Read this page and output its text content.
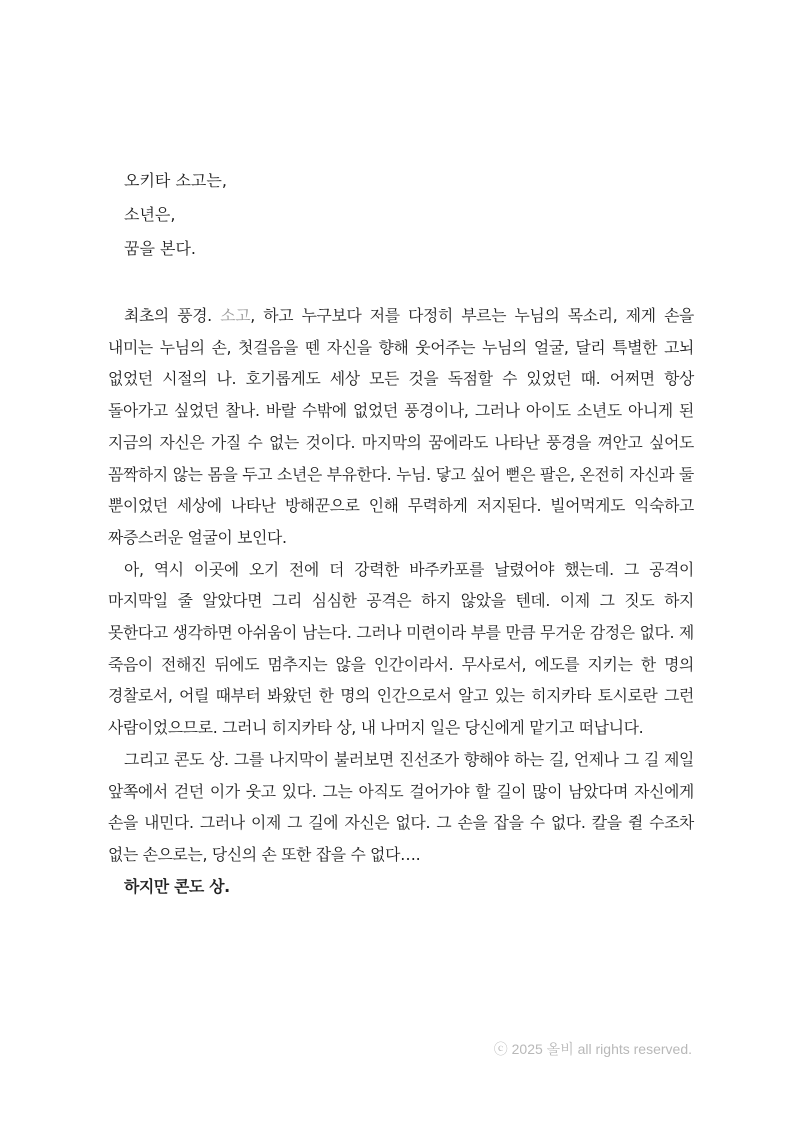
오키타 소고는,
소년은,
꿈을 본다.

최초의 풍경. 소고, 하고 누구보다 저를 다정히 부르는 누님의 목소리, 제게 손을 내미는 누님의 손, 첫걸음을 뗀 자신을 향해 웃어주는 누님의 얼굴, 달리 특별한 고뇌 없었던 시절의 나. 호기롭게도 세상 모든 것을 독점할 수 있었던 때. 어쩌면 항상 돌아가고 싶었던 찰나. 바랄 수밖에 없었던 풍경이나, 그러나 아이도 소년도 아니게 된 지금의 자신은 가질 수 없는 것이다. 마지막의 꿈에라도 나타난 풍경을 껴안고 싶어도 꼼짝하지 않는 몸을 두고 소년은 부유한다. 누님. 닿고 싶어 뻗은 팔은, 온전히 자신과 둘 뿐이었던 세상에 나타난 방해꾼으로 인해 무력하게 저지된다. 빌어먹게도 익숙하고 짜증스러운 얼굴이 보인다.

아, 역시 이곳에 오기 전에 더 강력한 바주카포를 날렸어야 했는데. 그 공격이 마지막일 줄 알았다면 그리 심심한 공격은 하지 않았을 텐데. 이제 그 짓도 하지 못한다고 생각하면 아쉬움이 남는다. 그러나 미련이라 부를 만큼 무거운 감정은 없다. 제 죽음이 전해진 뒤에도 멈추지는 않을 인간이라서. 무사로서, 에도를 지키는 한 명의 경찰로서, 어릴 때부터 봐왔던 한 명의 인간으로서 알고 있는 히지카타 토시로란 그런 사람이었으므로. 그러니 히지카타 상, 내 나머지 일은 당신에게 맡기고 떠납니다.

그리고 콘도 상. 그를 나지막이 불러보면 진선조가 향해야 하는 길, 언제나 그 길 제일 앞쪽에서 걷던 이가 웃고 있다. 그는 아직도 걸어가야 할 길이 많이 남았다며 자신에게 손을 내민다. 그러나 이제 그 길에 자신은 없다. 그 손을 잡을 수 없다. 칼을 쥘 수조차 없는 손으로는, 당신의 손 또한 잡을 수 없다….

하지만 콘도 상.

ⓒ 2025 올비 all rights reserved.
